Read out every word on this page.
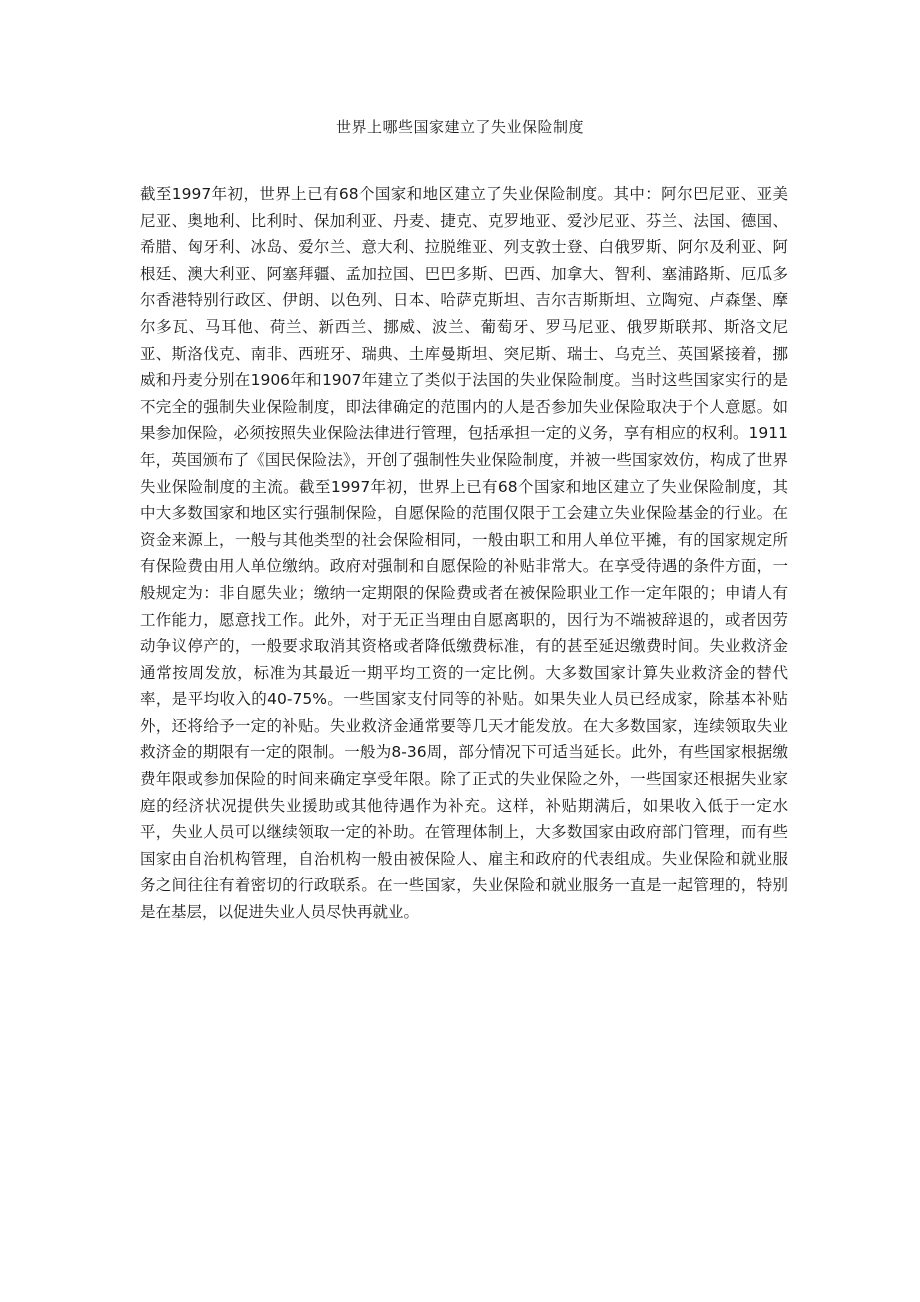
世界上哪些国家建立了失业保险制度

截至1997年初，世界上已有68个国家和地区建立了失业保险制度。其中：阿尔巴尼亚、亚美尼亚、奥地利、比利时、保加利亚、丹麦、捷克、克罗地亚、爱沙尼亚、芬兰、法国、德国、希腊、匈牙利、冰岛、爱尔兰、意大利、拉脱维亚、列支敦士登、白俄罗斯、阿尔及利亚、阿根廷、澳大利亚、阿塞拜疆、孟加拉国、巴巴多斯、巴西、加拿大、智利、塞浦路斯、厄瓜多尔香港特别行政区、伊朗、以色列、日本、哈萨克斯坦、吉尔吉斯斯坦、立陶宛、卢森堡、摩尔多瓦、马耳他、荷兰、新西兰、挪威、波兰、葡萄牙、罗马尼亚、俄罗斯联邦、斯洛文尼亚、斯洛伐克、南非、西班牙、瑞典、土库曼斯坦、突尼斯、瑞士、乌克兰、英国紧接着，挪威和丹麦分别在1906年和1907年建立了类似于法国的失业保险制度。当时这些国家实行的是不完全的强制失业保险制度，即法律确定的范围内的人是否参加失业保险取决于个人意愿。如果参加保险，必须按照失业保险法律进行管理，包括承担一定的义务，享有相应的权利。1911年，英国颁布了《国民保险法》，开创了强制性失业保险制度，并被一些国家效仿，构成了世界失业保险制度的主流。截至1997年初，世界上已有68个国家和地区建立了失业保险制度，其中大多数国家和地区实行强制保险，自愿保险的范围仅限于工会建立失业保险基金的行业。在资金来源上，一般与其他类型的社会保险相同，一般由职工和用人单位平摊，有的国家规定所有保险费由用人单位缴纳。政府对强制和自愿保险的补贴非常大。在享受待遇的条件方面，一般规定为：非自愿失业；缴纳一定期限的保险费或者在被保险职业工作一定年限的；申请人有工作能力，愿意找工作。此外，对于无正当理由自愿离职的，因行为不端被辞退的，或者因劳动争议停产的，一般要求取消其资格或者降低缴费标准，有的甚至延迟缴费时间。失业救济金通常按周发放，标准为其最近一期平均工资的一定比例。大多数国家计算失业救济金的替代率，是平均收入的40-75%。一些国家支付同等的补贴。如果失业人员已经成家，除基本补贴外，还将给予一定的补贴。失业救济金通常要等几天才能发放。在大多数国家，连续领取失业救济金的期限有一定的限制。一般为8-36周，部分情况下可适当延长。此外，有些国家根据缴费年限或参加保险的时间来确定享受年限。除了正式的失业保险之外，一些国家还根据失业家庭的经济状况提供失业援助或其他待遇作为补充。这样，补贴期满后，如果收入低于一定水平，失业人员可以继续领取一定的补助。在管理体制上，大多数国家由政府部门管理，而有些国家由自治机构管理，自治机构一般由被保险人、雇主和政府的代表组成。失业保险和就业服务之间往往有着密切的行政联系。在一些国家，失业保险和就业服务一直是一起管理的，特别是在基层，以促进失业人员尽快再就业。
